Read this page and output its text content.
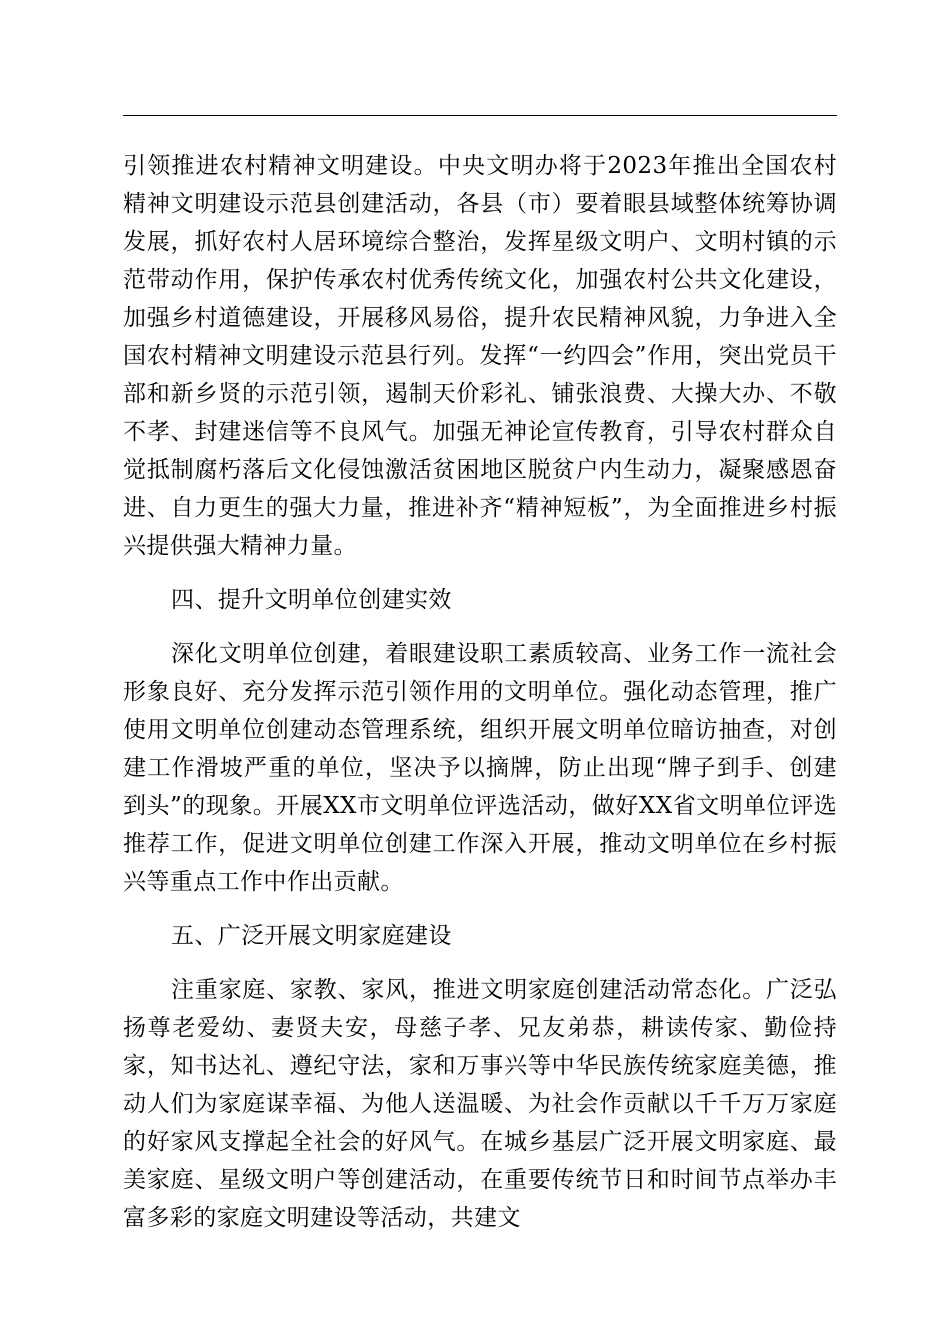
引领推进农村精神文明建设。中央文明办将于2023年推出全国农村精神文明建设示范县创建活动，各县（市）要着眼县域整体统筹协调发展，抓好农村人居环境综合整治，发挥星级文明户、文明村镇的示范带动作用，保护传承农村优秀传统文化，加强农村公共文化建设，加强乡村道德建设，开展移风易俗，提升农民精神风貌，力争进入全国农村精神文明建设示范县行列。发挥“一约四会”作用，突出党员干部和新乡贤的示范引领，遏制天价彩礼、铺张浪费、大操大办、不敬不孝、封建迷信等不良风气。加强无神论宣传教育，引导农村群众自觉抵制腐朽落后文化侵蚀激活贫困地区脱贫户内生动力，凝聚感恩奋进、自力更生的强大力量，推进补齐“精神短板”，为全面推进乡村振兴提供强大精神力量。

四、提升文明单位创建实效

深化文明单位创建，着眼建设职工素质较高、业务工作一流社会形象良好、充分发挥示范引领作用的文明单位。强化动态管理，推广使用文明单位创建动态管理系统，组织开展文明单位暗访抽查，对创建工作滑坡严重的单位，坚决予以摘牌，防止出现“牌子到手、创建到头”的现象。开展XX市文明单位评选活动，做好XX省文明单位评选推荐工作，促进文明单位创建工作深入开展，推动文明单位在乡村振兴等重点工作中作出贡献。

五、广泛开展文明家庭建设

注重家庭、家教、家风，推进文明家庭创建活动常态化。广泛弘扬尊老爱幼、妻贤夫安，母慈子孝、兄友弟恭，耕读传家、勤俭持家，知书达礼、遵纪守法，家和万事兴等中华民族传统家庭美德，推动人们为家庭谋幸福、为他人送温暖、为社会作贡献以千千万万家庭的好家风支撑起全社会的好风气。在城乡基层广泛开展文明家庭、最美家庭、星级文明户等创建活动，在重要传统节日和时间节点举办丰富多彩的家庭文明建设等活动，共建文
